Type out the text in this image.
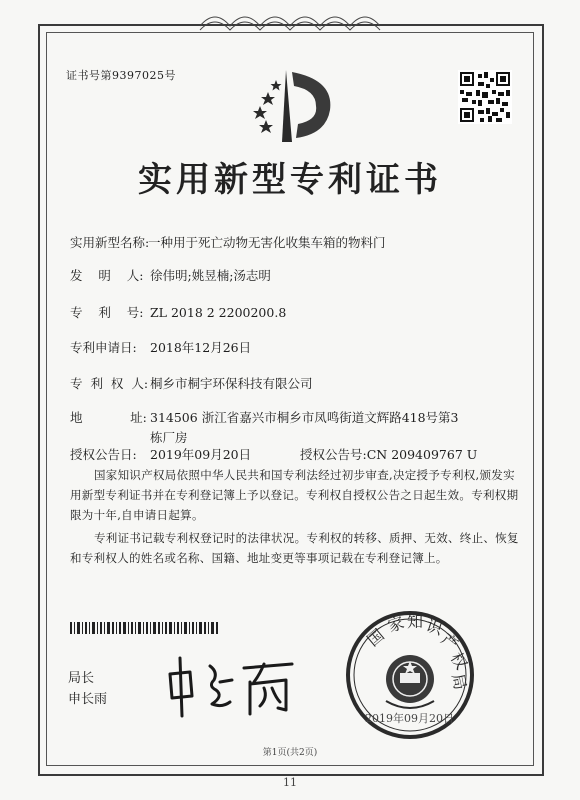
证书号第9397025号
实用新型专利证书
实用新型名称:一种用于死亡动物无害化收集车箱的物料门
发    明    人: 徐伟明;姚昱楠;汤志明
专    利    号: ZL 2018 2 2200200.8
专利申请日: 2018年12月26日
专  利  权  人: 桐乡市桐宇环保科技有限公司
地            址: 314506 浙江省嘉兴市桐乡市凤鸣街道文辉路418号第3栋厂房
授权公告日: 2019年09月20日	授权公告号:CN 209409767 U
国家知识产权局依照中华人民共和国专利法经过初步审查,决定授予专利权,颁发实用新型专利证书并在专利登记簿上予以登记。专利权自授权公告之日起生效。专利权期限为十年,自申请日起算。
专利证书记载专利权登记时的法律状况。专利权的转移、质押、无效、终止、恢复和专利权人的姓名或名称、国籍、地址变更等事项记载在专利登记簿上。
局长
申长雨
国
家 知 识
产
权
局
2019年09月20日
第1页(共2页)
11
